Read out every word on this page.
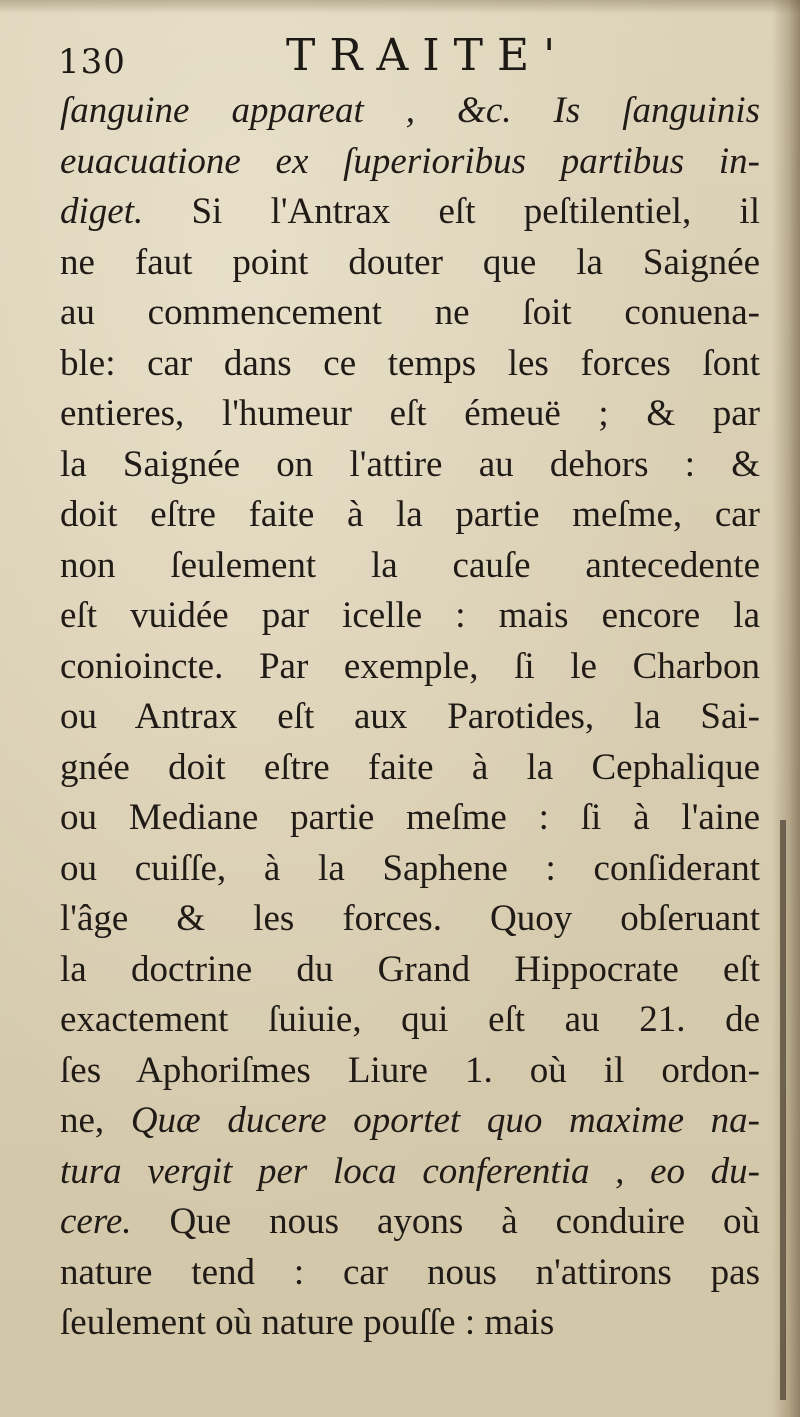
130	TRAITE'
ſanguine appareat , &c. Is ſanguinis
euacuatione ex ſuperioribus partibus in-
diget. Si l'Antrax eſt peſtilentiel, il
ne faut point douter que la Saignée
au commencement ne ſoit conuena-
ble: car dans ce temps les forces ſont
entieres, l'humeur eſt émeuë ; & par
la Saignée on l'attire au dehors : &
doit eſtre faite à la partie meſme, car
non ſeulement la cauſe antecedente
eſt vuidée par icelle : mais encore la
conioincte. Par exemple, ſi le Charbon
ou Antrax eſt aux Parotides, la Sai-
gnée doit eſtre faite à la Cephalique
ou Mediane partie meſme : ſi à l'aine
ou cuiſſe, à la Saphene : conſiderant
l'âge & les forces. Quoy obſeruant
la doctrine du Grand Hippocrate eſt
exactement ſuiuie, qui eſt au 21. de
ſes Aphoriſmes Liure 1. où il ordon-
ne, Quæ ducere oportet quo maxime na-
tura vergit per loca conferentia , eo du-
cere. Que nous ayons à conduire où
nature tend : car nous n'attirons pas
ſeulement où nature pouſſe : mais
